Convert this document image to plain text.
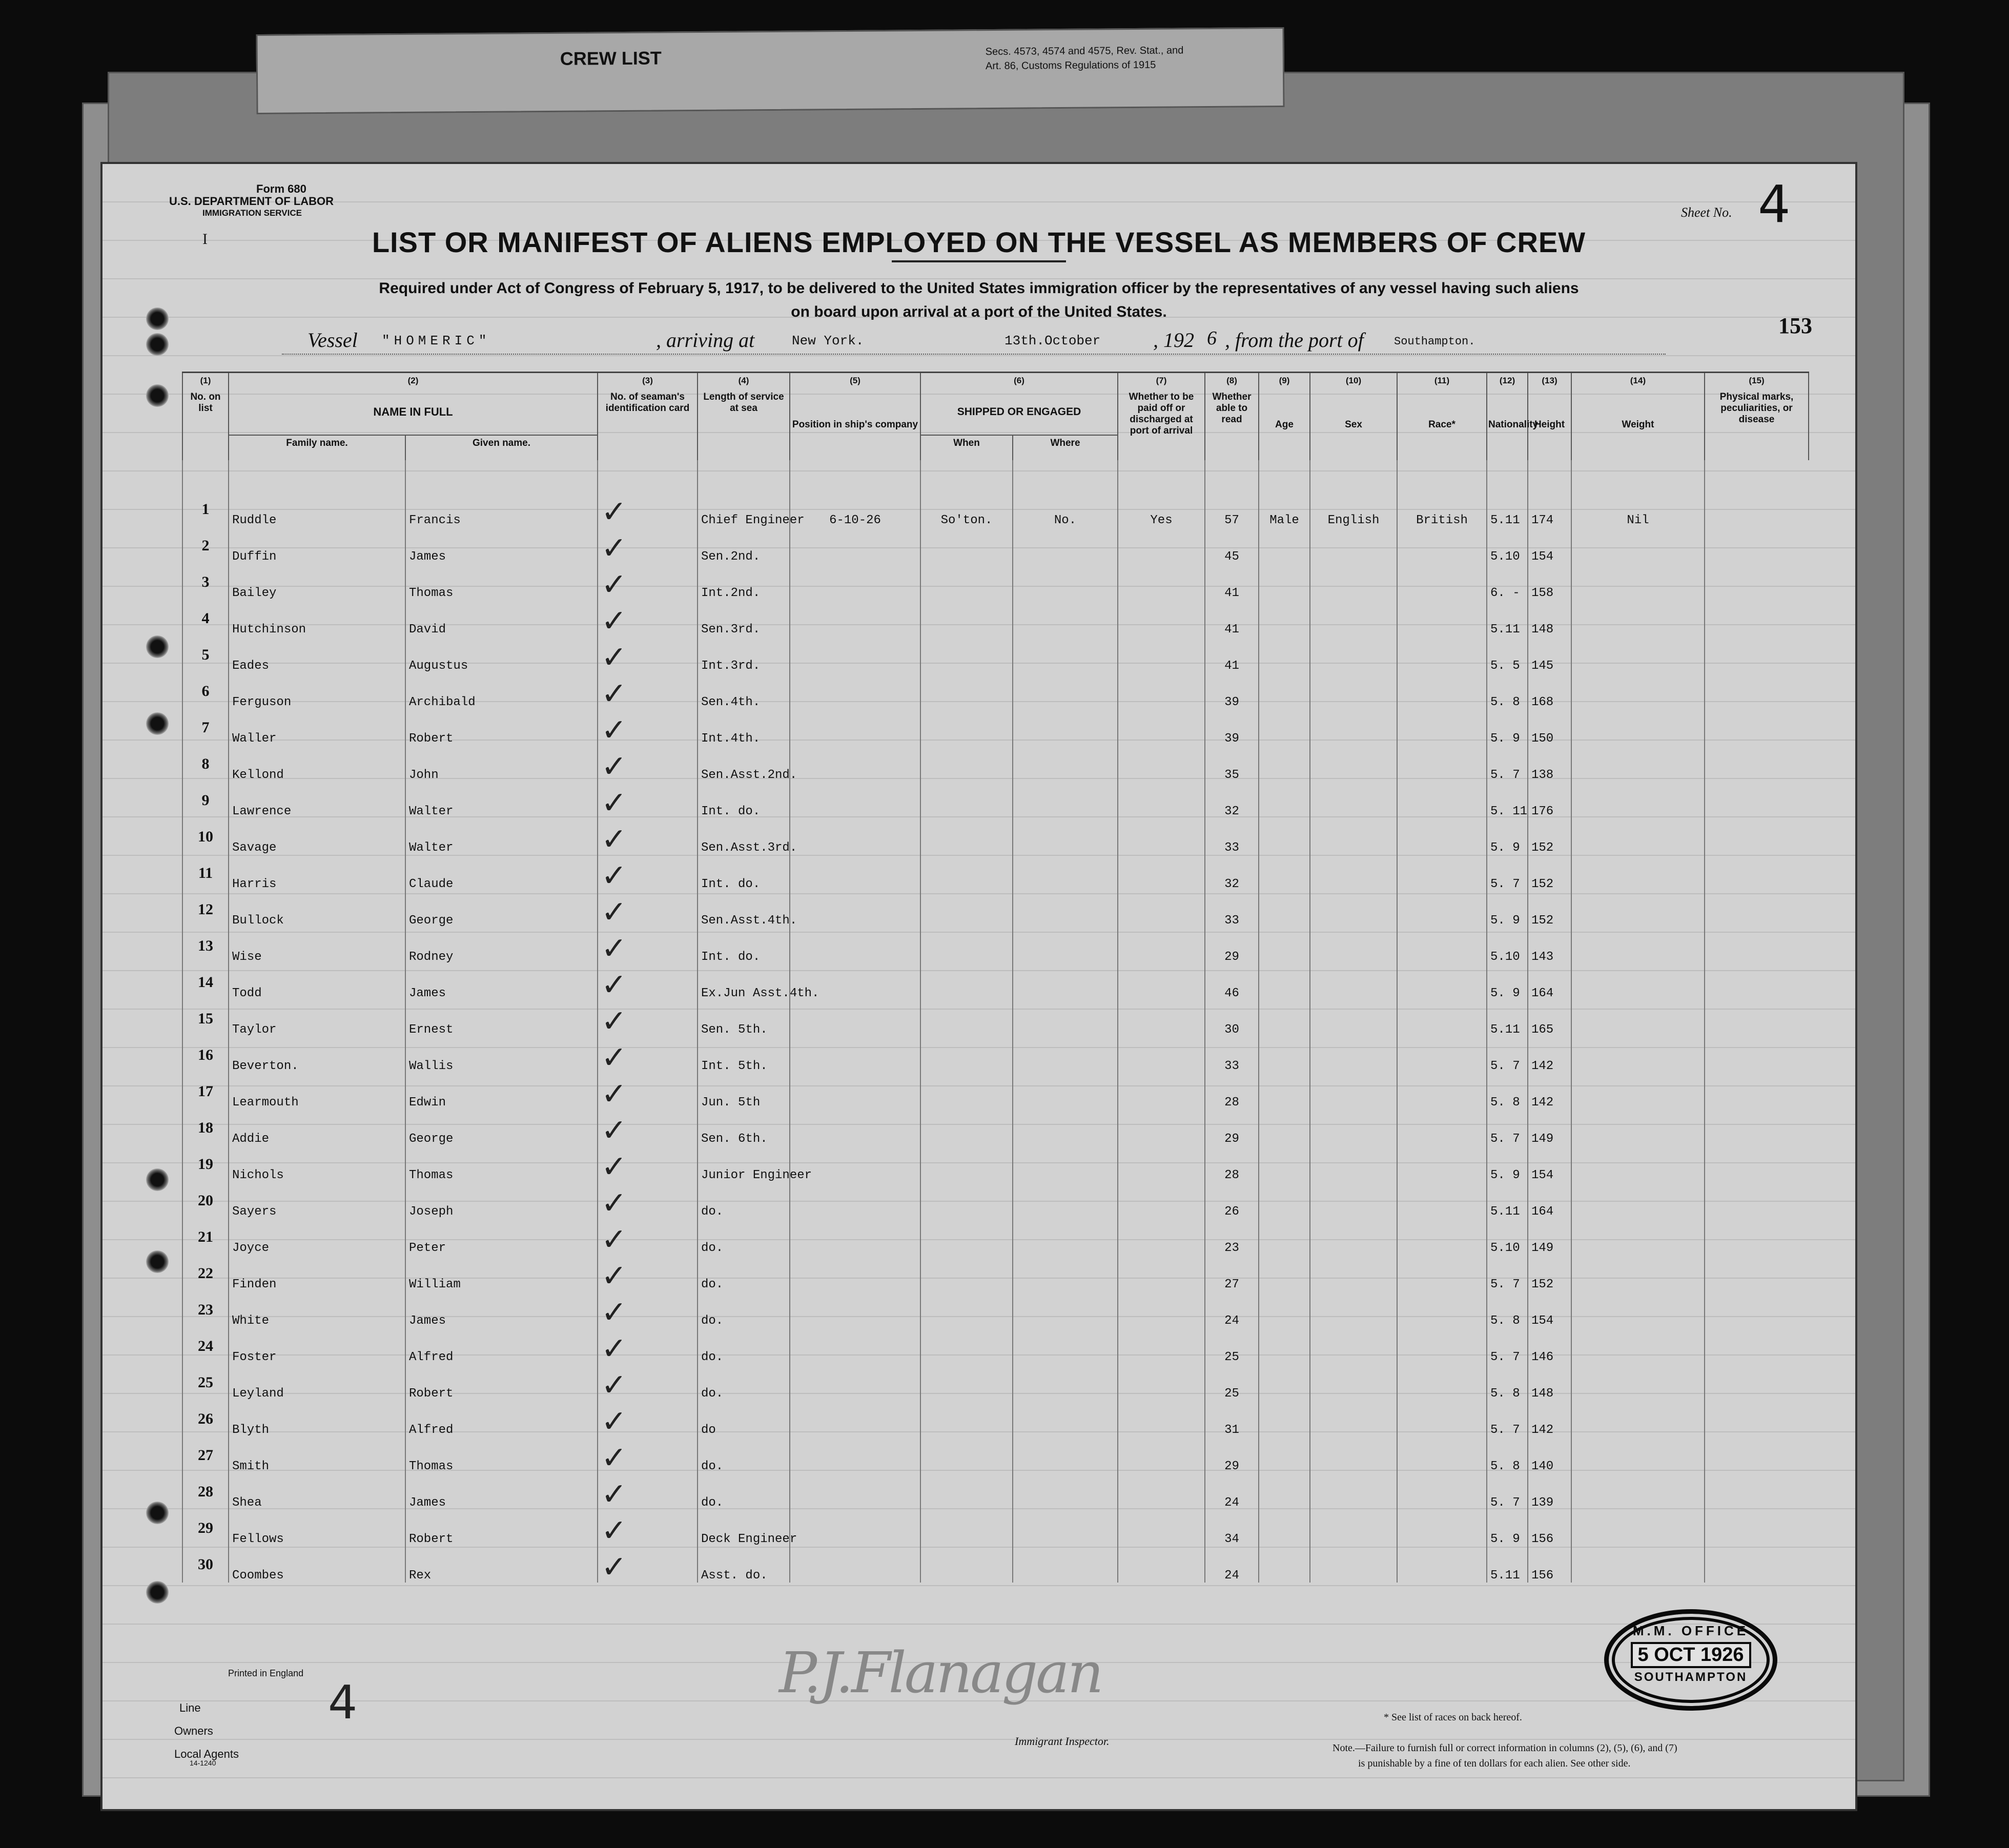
CREW LIST	Secs. 4573, 4574 and 4575, Rev. Stat., and
Art. 86, Customs Regulations of 1915
Form 680
U.S. DEPARTMENT OF LABOR
IMMIGRATION SERVICE
I
Sheet No. 4
LIST OR MANIFEST OF ALIENS EMPLOYED ON THE VESSEL AS MEMBERS OF CREW
Required under Act of Congress of February 5, 1917, to be delivered to the United States immigration officer by the representatives of any vessel having such aliens
on board upon arrival at a port of the United States.
153
Vessel "HOMERIC"	, arriving at	New York.	13th.October	, 192 6 , from the port of	Southampton.
(1)	(2)		(3)	(4)	(5)	(6)		(7)	(8)	(9)	(10)	(11)	(12)	(13)	(14)	(15)
No. on list	NAME IN FULL		No. of seaman's identification card	Length of service at sea	Position in ship's company	SHIPPED OR ENGAGED		Whether to be paid off or discharged at port of arrival	Whether able to read	Age	Sex	Race*	Nationality	Height	Weight	Physical marks, peculiarities, or disease
	Family name.	Given name.				When	Where									

1	Ruddle	Francis	✓	Chief Engineer	6-10-26	So'ton.	No.	Yes	57	Male	English	British	5.11	174	Nil	
2	Duffin	James	✓	Sen.2nd.					45				5.10	154		
3	Bailey	Thomas	✓	Int.2nd.					41				6. -	158		
4	Hutchinson	David	✓	Sen.3rd.					41				5.11	148		
5	Eades	Augustus	✓	Int.3rd.					41				5. 5	145		
6	Ferguson	Archibald	✓	Sen.4th.					39				5. 8	168		
7	Waller	Robert	✓	Int.4th.					39				5. 9	150		
8	Kellond	John	✓	Sen.Asst.2nd.					35				5. 7	138		
9	Lawrence	Walter	✓	Int. do.					32				5. 11	176		
10	Savage	Walter	✓	Sen.Asst.3rd.					33				5. 9	152		
11	Harris	Claude	✓	Int. do.					32				5. 7	152		
12	Bullock	George	✓	Sen.Asst.4th.					33				5. 9	152		
13	Wise	Rodney	✓	Int. do.					29				5.10	143		
14	Todd	James	✓	Ex.Jun Asst.4th.					46				5. 9	164		
15	Taylor	Ernest	✓	Sen. 5th.					30				5.11	165		
16	Beverton.	Wallis	✓	Int. 5th.					33				5. 7	142		
17	Learmouth	Edwin	✓	Jun. 5th					28				5. 8	142		
18	Addie	George	✓	Sen. 6th.					29				5. 7	149		
19	Nichols	Thomas	✓	Junior Engineer					28				5. 9	154		
20	Sayers	Joseph	✓	do.					26				5.11	164		
21	Joyce	Peter	✓	do.					23				5.10	149		
22	Finden	William	✓	do.					27				5. 7	152		
23	White	James	✓	do.					24				5. 8	154		
24	Foster	Alfred	✓	do.					25				5. 7	146		
25	Leyland	Robert	✓	do.					25				5. 8	148		
26	Blyth	Alfred	✓	do					31				5. 7	142		
27	Smith	Thomas	✓	do.					29				5. 8	140		
28	Shea	James	✓	do.					24				5. 7	139		
29	Fellows	Robert	✓	Deck Engineer					34				5. 9	156		
30	Coombes	Rex	✓	Asst. do.					24				5.11	156		
Printed in England
Line
Owners
Local Agents
14-1240
4	P.J.Flanagan
Immigrant Inspector.
* See list of races on back hereof.
Note.—Failure to furnish full or correct information in columns (2), (5), (6), and (7)
is punishable by a fine of ten dollars for each alien. See other side.
M.M. OFFICE
5 OCT 1926
SOUTHAMPTON
